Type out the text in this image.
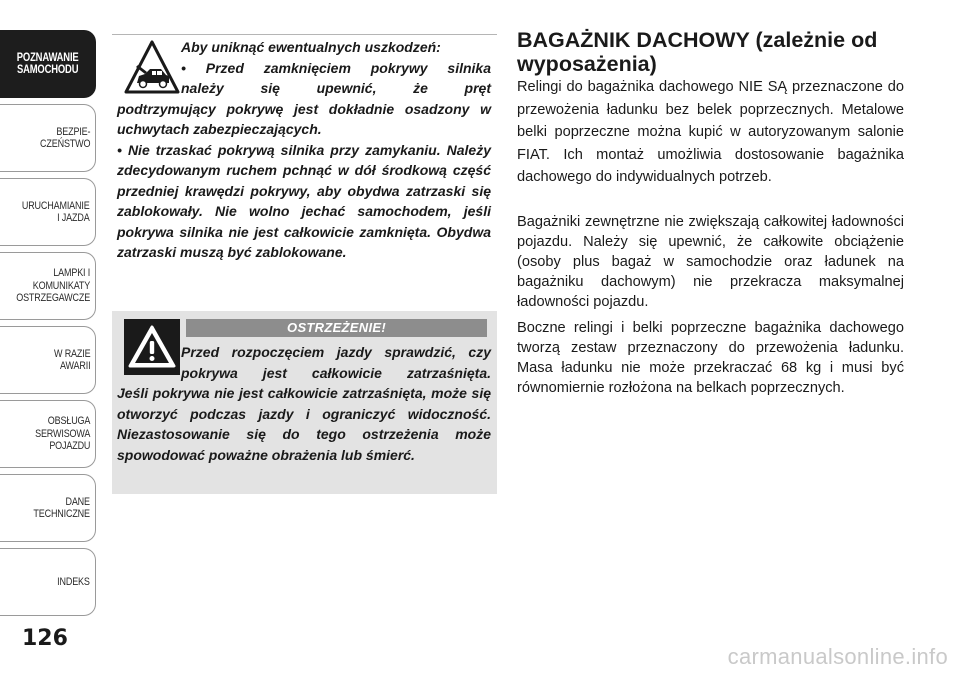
POZNAWANIE
SAMOCHODU
BEZPIE-
CZEŃSTWO
URUCHAMIANIE
I JAZDA
LAMPKI I
KOMUNIKATY
OSTRZEGAWCZE
W RAZIE
AWARII
OBSŁUGA
SERWISOWA
POJAZDU
DANE
TECHNICZNE
INDEKS
126
Aby uniknąć ewentualnych uszkodzeń:
• Przed zamknięciem pokrywy silnika
należy się upewnić, że pręt
podtrzymujący pokrywę jest dokładnie osadzony w uchwytach zabezpieczających.
• Nie trzaskać pokrywą silnika przy zamykaniu. Należy zdecydowanym ruchem pchnąć w dół środkową część przedniej krawędzi pokrywy, aby obydwa zatrzaski się zablokowały. Nie wolno jechać samochodem, jeśli pokrywa silnika nie jest całkowicie zamknięta. Obydwa zatrzaski muszą być zablokowane.
OSTRZEŻENIE!
Przed rozpoczęciem jazdy sprawdzić, czy
pokrywa jest całkowicie zatrzaśnięta.
Jeśli pokrywa nie jest całkowicie zatrzaśnięta, może się otworzyć podczas jazdy i ograniczyć widoczność. Niezastosowanie się do tego ostrzeżenia może spowodować poważne obrażenia lub śmierć.
BAGAŻNIK DACHOWY (zależnie od wyposażenia)

Relingi do bagażnika dachowego NIE SĄ przeznaczone do przewożenia ładunku bez belek poprzecznych. Metalowe belki poprzeczne można kupić w autoryzowanym salonie FIAT. Ich montaż umożliwia dostosowanie bagażnika dachowego do indywidualnych potrzeb.

Bagażniki zewnętrzne nie zwiększają całkowitej ładowności pojazdu. Należy się upewnić, że całkowite obciążenie (osoby plus bagaż w samochodzie oraz ładunek na bagażniku dachowym) nie przekracza maksymalnej ładowności pojazdu.

Boczne relingi i belki poprzeczne bagażnika dachowego tworzą zestaw przeznaczony do przewożenia ładunku. Masa ładunku nie może przekraczać 68 kg i musi być równomiernie rozłożona na belkach poprzecznych.

carmanualsonline.info
